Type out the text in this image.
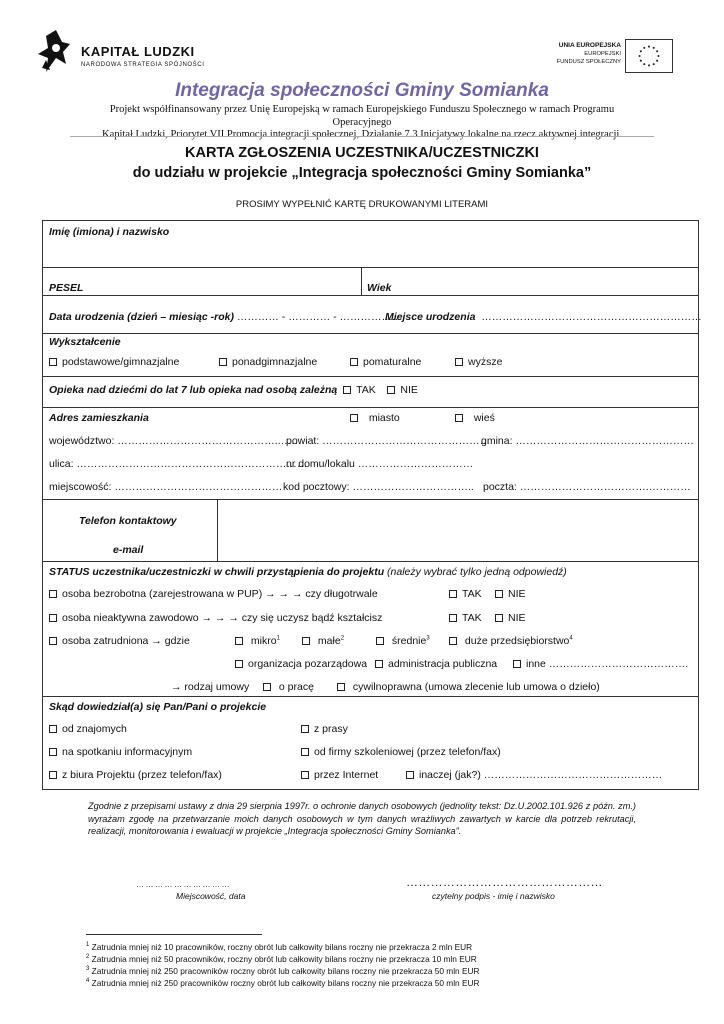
KAPITAŁ LUDZKI
NARODOWA STRATEGIA SPÓJNOŚCI
UNIA EUROPEJSKA
EUROPEJSKI
FUNDUSZ SPOŁECZNY
Integracja społeczności Gminy Somianka
Projekt współfinansowany przez Unię Europejską w ramach Europejskiego Funduszu Społecznego w ramach Programu Operacyjnego
Kapitał Ludzki, Priorytet VII Promocja integracji społecznej, Działanie 7.3 Inicjatywy lokalne na rzecz aktywnej integracji.
KARTA ZGŁOSZENIA UCZESTNIKA/UCZESTNICZKI
do udziału w projekcie „Integracja społeczności Gminy Somianka”
PROSIMY WYPEŁNIĆ KARTĘ DRUKOWANYMI LITERAMI
Imię (imiona) i nazwisko
PESEL	Wiek
Data urodzenia (dzień – miesiąc -rok) ………… - ………… - ……………..
Miejsce urodzenia ………………………………………………………
Wykształcenie
podstawowe/gimnazjalne	ponadgimnazjalne	pomaturalne	wyższe
Opieka nad dziećmi do lat 7 lub opieka nad osobą zależną TAK NIE
Adres zamieszkania	miasto	wieś
województwo: ………………………………………..……
powiat: …………………………………………
gmina: ……………………………………………
ulica: …………………………………………………………
nr domu/lokalu ……………………………
miejscowość: ………………………………………… kod pocztowy: …………………………….. poczta: ……………………………….…………
Telefon kontaktowy
e-mail
STATUS uczestnika/uczestniczki w chwili przystąpienia do projektu (należy wybrać tylko jedną odpowiedź)
osoba bezrobotna (zarejestrowana w PUP) → → → czy długotrwale	TAK	NIE
osoba nieaktywna zawodowo → → → czy się uczysz bądź kształcisz	TAK	NIE
osoba zatrudniona → gdzie	mikro$^1$	małe$^2$	średnie$^3$	duże przedsiębiorstwo$^4$
organizacja pozarządowa	administracja publiczna	inne ………………………………….
→ rodzaj umowy	o pracę	cywilnoprawna (umowa zlecenie lub umowa o dzieło)
Skąd dowiedział(a) się Pan/Pani o projekcie
od znajomych	z prasy
na spotkaniu informacyjnym	od firmy szkoleniowej (przez telefon/fax)
z biura Projektu (przez telefon/fax)	przez Internet	inaczej (jak?) ……………………………………………
Zgodnie z przepisami ustawy z dnia 29 sierpnia 1997r. o ochronie danych osobowych (jednolity tekst: Dz.U.2002.101.926 z późn. zm.) wyrażam zgodę na przetwarzanie moich danych osobowych w tym danych wrażliwych zawartych w karcie dla potrzeb rekrutacji, realizacji, monitorowania i ewaluacji w projekcie „Integracja społeczności Gminy Somianka”.
…………………………
Miejscowość, data
…………………………………………
czytelny podpis - imię i nazwisko
$^1$ Zatrudnia mniej niż 10 pracowników, roczny obrót lub całkowity bilans roczny nie przekracza 2 mln EUR
$^2$ Zatrudnia mniej niż 50 pracowników, roczny obrót lub całkowity bilans roczny nie przekracza 10 mln EUR
$^3$ Zatrudnia mniej niż 250 pracowników roczny obrót lub całkowity bilans roczny nie przekracza 50 mln EUR
$^4$ Zatrudnia mniej niż 250 pracowników roczny obrót lub całkowity bilans roczny nie przekracza 50 mln EUR
